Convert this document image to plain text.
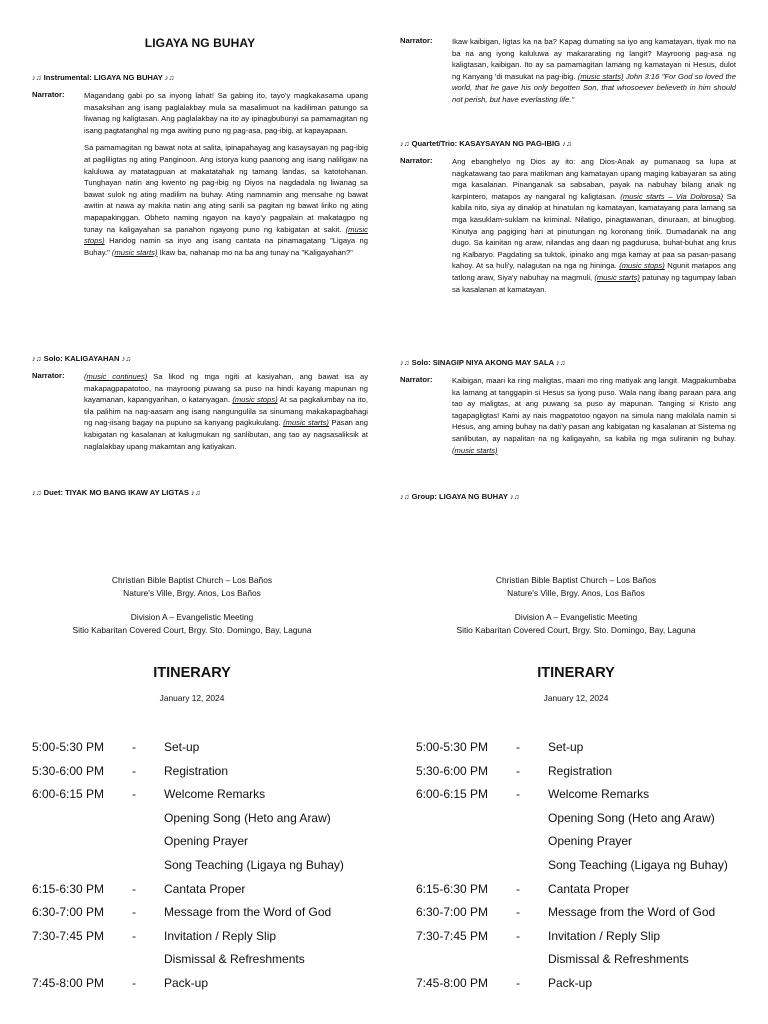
LIGAYA NG BUHAY
♪♫ Instrumental: LIGAYA NG BUHAY ♪♫
Narrator:	Magandang gabi po sa inyong lahat! Sa gabing ito, tayo'y magkakasama upang masaksihan ang isang paglalakbay mula sa masalimuot na kadiliman patungo sa liwanag ng kaligtasan. Ang paglalakbay na ito ay ipinagbubunyi sa pamamagitan ng isang pagtatanghal ng mga awiting puno ng pag-asa, pag-ibig, at kapayapaan.

Sa pamamagitan ng bawat nota at salita, ipinapahayag ang kasaysayan ng pag-ibig at pagliligtas ng ating Panginoon. Ang istorya kung paanong ang isang naliligaw na kaluluwa ay matatagpuan at makatatahak ng tamang landas, sa katotohanan. Tunghayan natin ang kwento ng pag-ibig ng Diyos na nagdadala ng liwanag sa bawat sulok ng ating madilim na buhay. Ating namnamin ang mensahe ng bawat awitin at nawa ay makita natin ang ating sarili sa pagitan ng bawat liriko ng ating mapapakinggan. Obheto naming ngayon na kayo'y pagpalain at makatagpo ng tunay na kaligayahan sa panahon ngayong puno ng kabigatan at sakit. (music stops) Handog namin sa inyo ang isang cantata na pinamagatang "Ligaya ng Buhay." (music starts) Ikaw ba, nahanap mo na ba ang tunay na "Kaligayahan?"

♪♫ Solo: KALIGAYAHAN ♪♫
Narrator:	(music continues) Sa likod ng mga ngiti at kasiyahan, ang bawat isa ay makapagpapatotoo, na mayroong puwang sa puso na hindi kayang mapunan ng kayamanan, kapangyarihan, o katanyagan. (music stops) At sa pagkalumbay na ito, tila palihim na nag-aasam ang isang nangungulila sa sinumang makakapagbahagi ng nag-iisang bagay na pupuno sa kanyang pagkukulang. (music starts) Pasan ang kabigatan ng kasalanan at kalugmukan ng sanlibutan, ang tao ay nagsasaliksik at naglalakbay upang makamtan ang katiyakan.

♪♫ Duet: TIYAK MO BANG IKAW AY LIGTAS ♪♫
Narrator:	Ikaw kaibigan, ligtas ka na ba? Kapag dumating sa iyo ang kamatayan, tiyak mo na ba na ang iyong kaluluwa ay makararating ng langit? Mayroong pag-asa ng kaligtasan, kaibigan. Ito ay sa pamamagitan lamang ng kamatayan ni Hesus, dulot ng Kanyang 'di masukat na pag-ibig. (music starts) John 3:16 "For God so loved the world, that he gave his only begotten Son, that whosoever believeth in him should not perish, but have everlasting life."

♪♫ Quartet/Trio: KASAYSAYAN NG PAG-IBIG ♪♫
Narrator:	Ang ebanghelyo ng Dios ay ito: ang Dios-Anak ay pumanaog sa lupa at nagkatawang tao para matikman ang kamatayan upang maging kabayaran sa ating mga kasalanan. Pinanganak sa sabsaban, payak na nabuhay bilang anak ng karpintero, matapos ay nangaral ng kaligtasan. (music starts – Via Dolorosa) Sa kabila nito, siya ay dinakip at hinatulan ng kamatayan, kamatayang para lamang sa mga kasuklam-suklam na kriminal. Nilatigo, pinagtawanan, dinuraan, at binugbog. Kinutya ang pagiging hari at pinutungan ng koronang tinik. Dumadanak na ang dugo. Sa kainitan ng araw, nilandas ang daan ng pagdurusa, buhat-buhat ang krus ng Kalbaryo. Pagdating sa tuktok, ipinako ang mga kamay at paa sa pasan-pasang kahoy. At sa huli'y, nalagutan na nga ng hininga. (music stops) Ngunit matapos ang tatlong araw, Siya'y nabuhay na magmuli, (music starts) patunay ng tagumpay laban sa kasalanan at kamatayan.

♪♫ Solo: SINAGIP NIYA AKONG MAY SALA ♪♫
Narrator:	Kaibigan, maari ka ring maligtas, maari mo ring matiyak ang langit. Magpakumbaba ka lamang at tanggapin si Hesus sa iyong puso. Wala nang ibang paraan para ang tao ay maligtas, at ang puwang sa puso ay mapunan. Tanging si Kristo ang tagapagligtas! Kami ay nais magpatotoo ngayon na simula nang makilala namin si Hesus, ang aming buhay na dati'y pasan ang kabigatan ng kasalanan at Sistema ng sanlibutan, ay napalitan na ng kaligayahn, sa kabila ng mga suliranin ng buhay. (music starts)

♪♫ Group: LIGAYA NG BUHAY ♪♫
Christian Bible Baptist Church – Los Baños
Nature's Ville, Brgy. Anos, Los Baños
Division A – Evangelistic Meeting
Sitio Kabaritan Covered Court, Brgy. Sto. Domingo, Bay, Laguna
ITINERARY
January 12, 2024
5:00-5:30 PM - Set-up
5:30-6:00 PM - Registration
6:00-6:15 PM - Welcome Remarks
Opening Song (Heto ang Araw)
Opening Prayer
Song Teaching (Ligaya ng Buhay)
6:15-6:30 PM - Cantata Proper
6:30-7:00 PM - Message from the Word of God
7:30-7:45 PM - Invitation / Reply Slip
Dismissal & Refreshments
7:45-8:00 PM - Pack-up
Christian Bible Baptist Church – Los Baños
Nature's Ville, Brgy. Anos, Los Baños
Division A – Evangelistic Meeting
Sitio Kabaritan Covered Court, Brgy. Sto. Domingo, Bay, Laguna
ITINERARY
January 12, 2024
5:00-5:30 PM - Set-up
5:30-6:00 PM - Registration
6:00-6:15 PM - Welcome Remarks
Opening Song (Heto ang Araw)
Opening Prayer
Song Teaching (Ligaya ng Buhay)
6:15-6:30 PM - Cantata Proper
6:30-7:00 PM - Message from the Word of God
7:30-7:45 PM - Invitation / Reply Slip
Dismissal & Refreshments
7:45-8:00 PM - Pack-up
